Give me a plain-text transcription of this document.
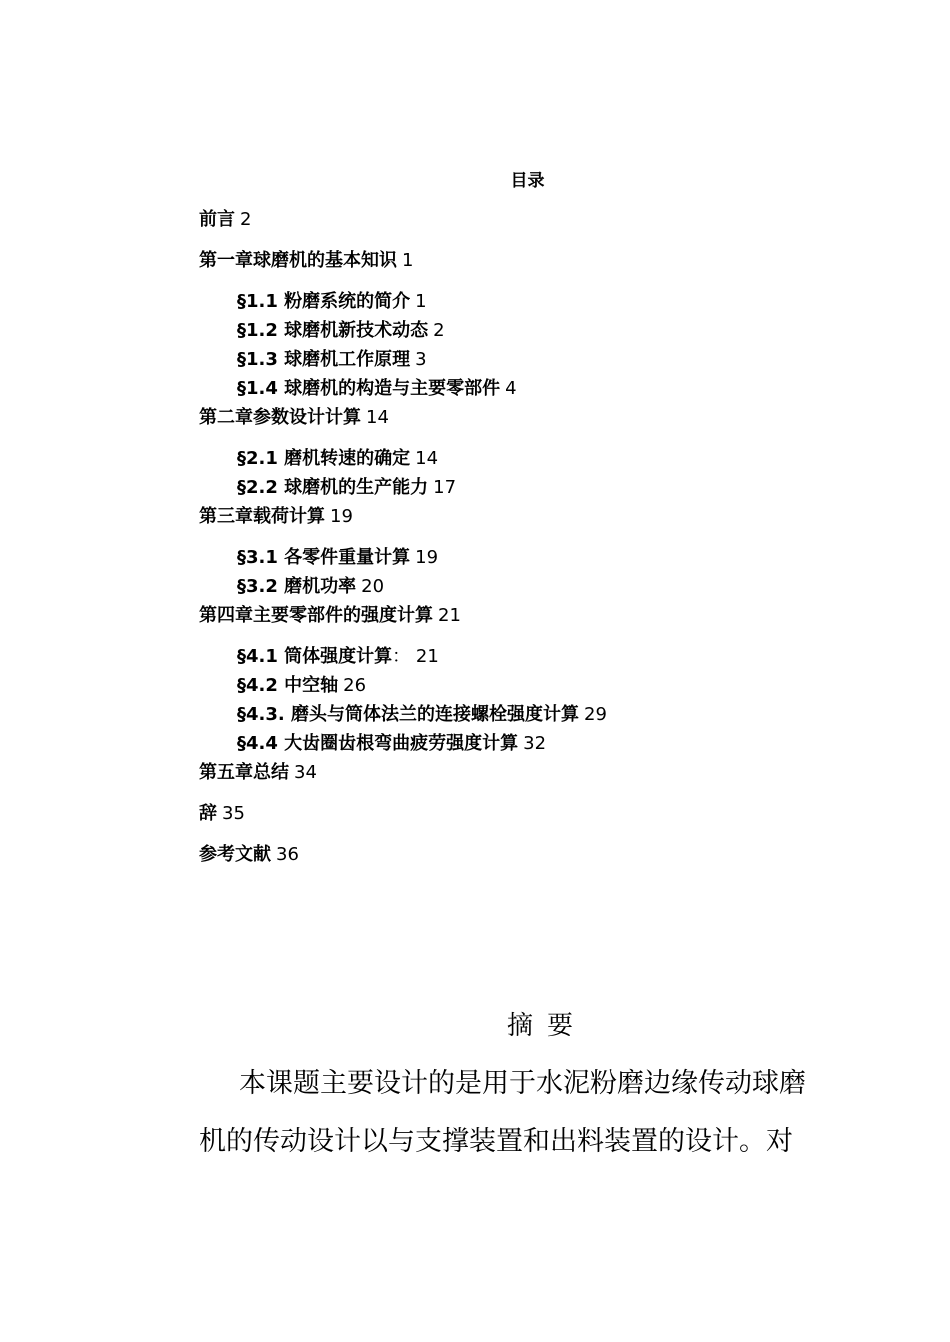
目录
前言 2
第一章球磨机的基本知识 1
§1.1 粉磨系统的简介 1
§1.2 球磨机新技术动态 2
§1.3 球磨机工作原理 3
§1.4 球磨机的构造与主要零部件 4
第二章参数设计计算 14
§2.1 磨机转速的确定 14
§2.2 球磨机的生产能力 17
第三章载荷计算 19
§3.1 各零件重量计算 19
§3.2 磨机功率 20
第四章主要零部件的强度计算 21
§4.1 筒体强度计算： 21
§4.2 中空轴 26
§4.3. 磨头与筒体法兰的连接螺栓强度计算 29
§4.4 大齿圈齿根弯曲疲劳强度计算 32
第五章总结 34
辞 35
参考文献 36
摘要

本课题主要设计的是用于水泥粉磨边缘传动球磨

机的传动设计以与支撑装置和出料装置的设计。对
